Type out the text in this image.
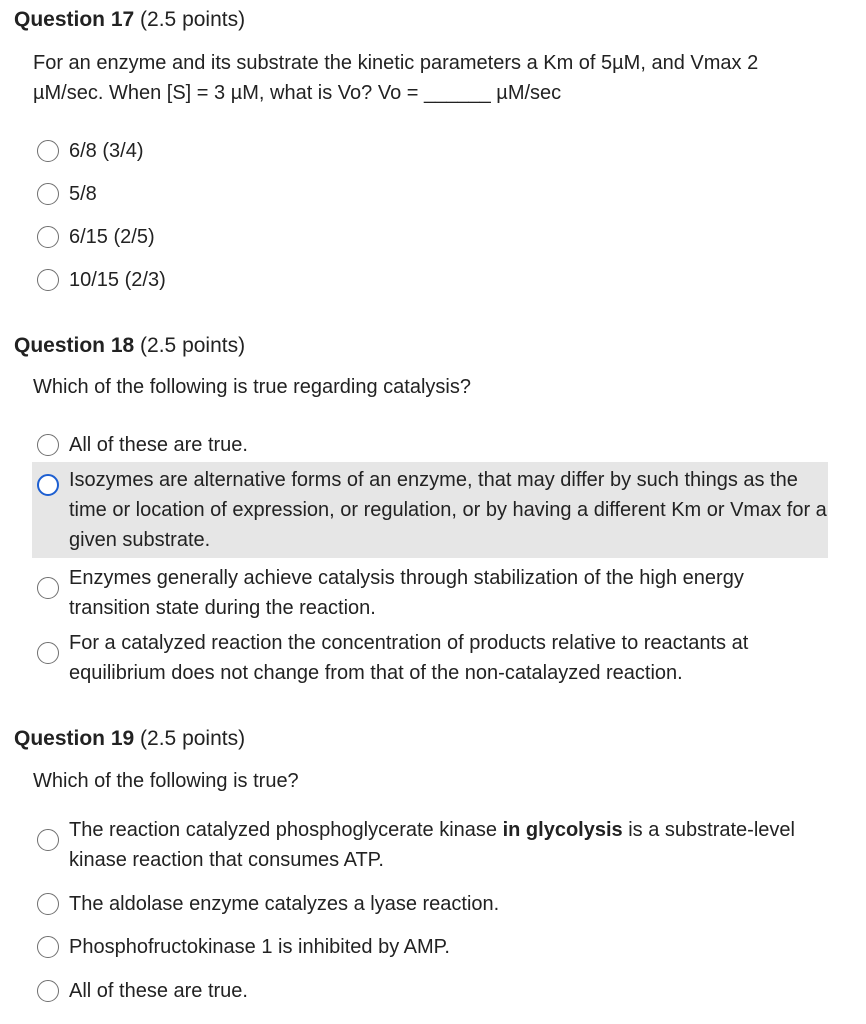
Question 17 (2.5 points)
For an enzyme and its substrate the kinetic parameters a Km of 5µM, and Vmax 2
µM/sec. When [S] = 3 µM, what is Vo? Vo = ______ µM/sec
6/8 (3/4)
5/8
6/15 (2/5)
10/15 (2/3)
Question 18 (2.5 points)
Which of the following is true regarding catalysis?
All of these are true.
Isozymes are alternative forms of an enzyme, that may differ by such things as the time or location of expression, or regulation, or by having a different Km or Vmax for a given substrate.
Enzymes generally achieve catalysis through stabilization of the high energy transition state during the reaction.
For a catalyzed reaction the concentration of products relative to reactants at equilibrium does not change from that of the non-catalayzed reaction.
Question 19 (2.5 points)
Which of the following is true?
The reaction catalyzed phosphoglycerate kinase in glycolysis is a substrate-level kinase reaction that consumes ATP.
The aldolase enzyme catalyzes a lyase reaction.
Phosphofructokinase 1 is inhibited by AMP.
All of these are true.
